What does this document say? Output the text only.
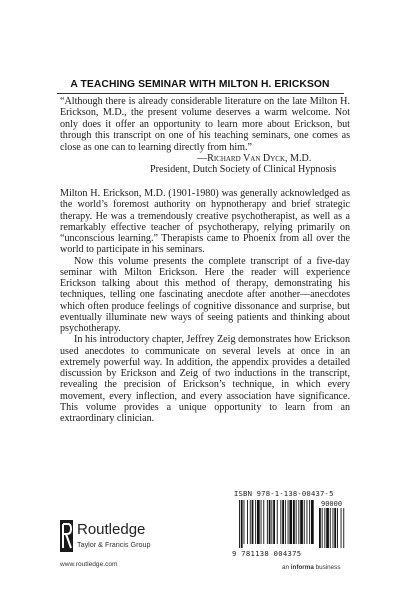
A TEACHING SEMINAR WITH MILTON H. ERICKSON

“Although there is already considerable literature on the late Milton H. Erickson, M.D., the present volume deserves a warm welcome. Not only does it offer an opportunity to learn more about Erickson, but through this transcript on one of his teaching seminars, one comes as close as one can to learning directly from him.”

—Richard Van Dyck, M.D.
President, Dutch Society of Clinical Hypnosis

Milton H. Erickson, M.D. (1901-1980) was generally acknowledged as the world’s foremost authority on hypnotherapy and brief strategic therapy. He was a tremendously creative psychotherapist, as well as a remarkably effective teacher of psychotherapy, relying primarily on “unconscious learning.” Therapists came to Phoenix from all over the world to participate in his seminars.

Now this volume presents the complete transcript of a five-day seminar with Milton Erickson. Here the reader will experience Erickson talking about this method of therapy, demonstrating his techniques, telling one fascinating anecdote after another—anecdotes which often produce feelings of cognitive dissonance and surprise, but eventually illuminate new ways of seeing patients and thinking about psychotherapy.

In his introductory chapter, Jeffrey Zeig demonstrates how Erickson used anecdotes to communicate on several levels at once in an extremely powerful way. In addition, the appendix provides a detailed discussion by Erickson and Zeig of two inductions in the transcript, revealing the precision of Erickson’s technique, in which every movement, every inflection, and every association have significance. This volume provides a unique opportunity to learn from an extraordinary clinician.

Routledge
Taylor & Francis Group
www.routledge.com
ISBN 978-1-138-00437-5
90000
9 781138 004375
an informa business
